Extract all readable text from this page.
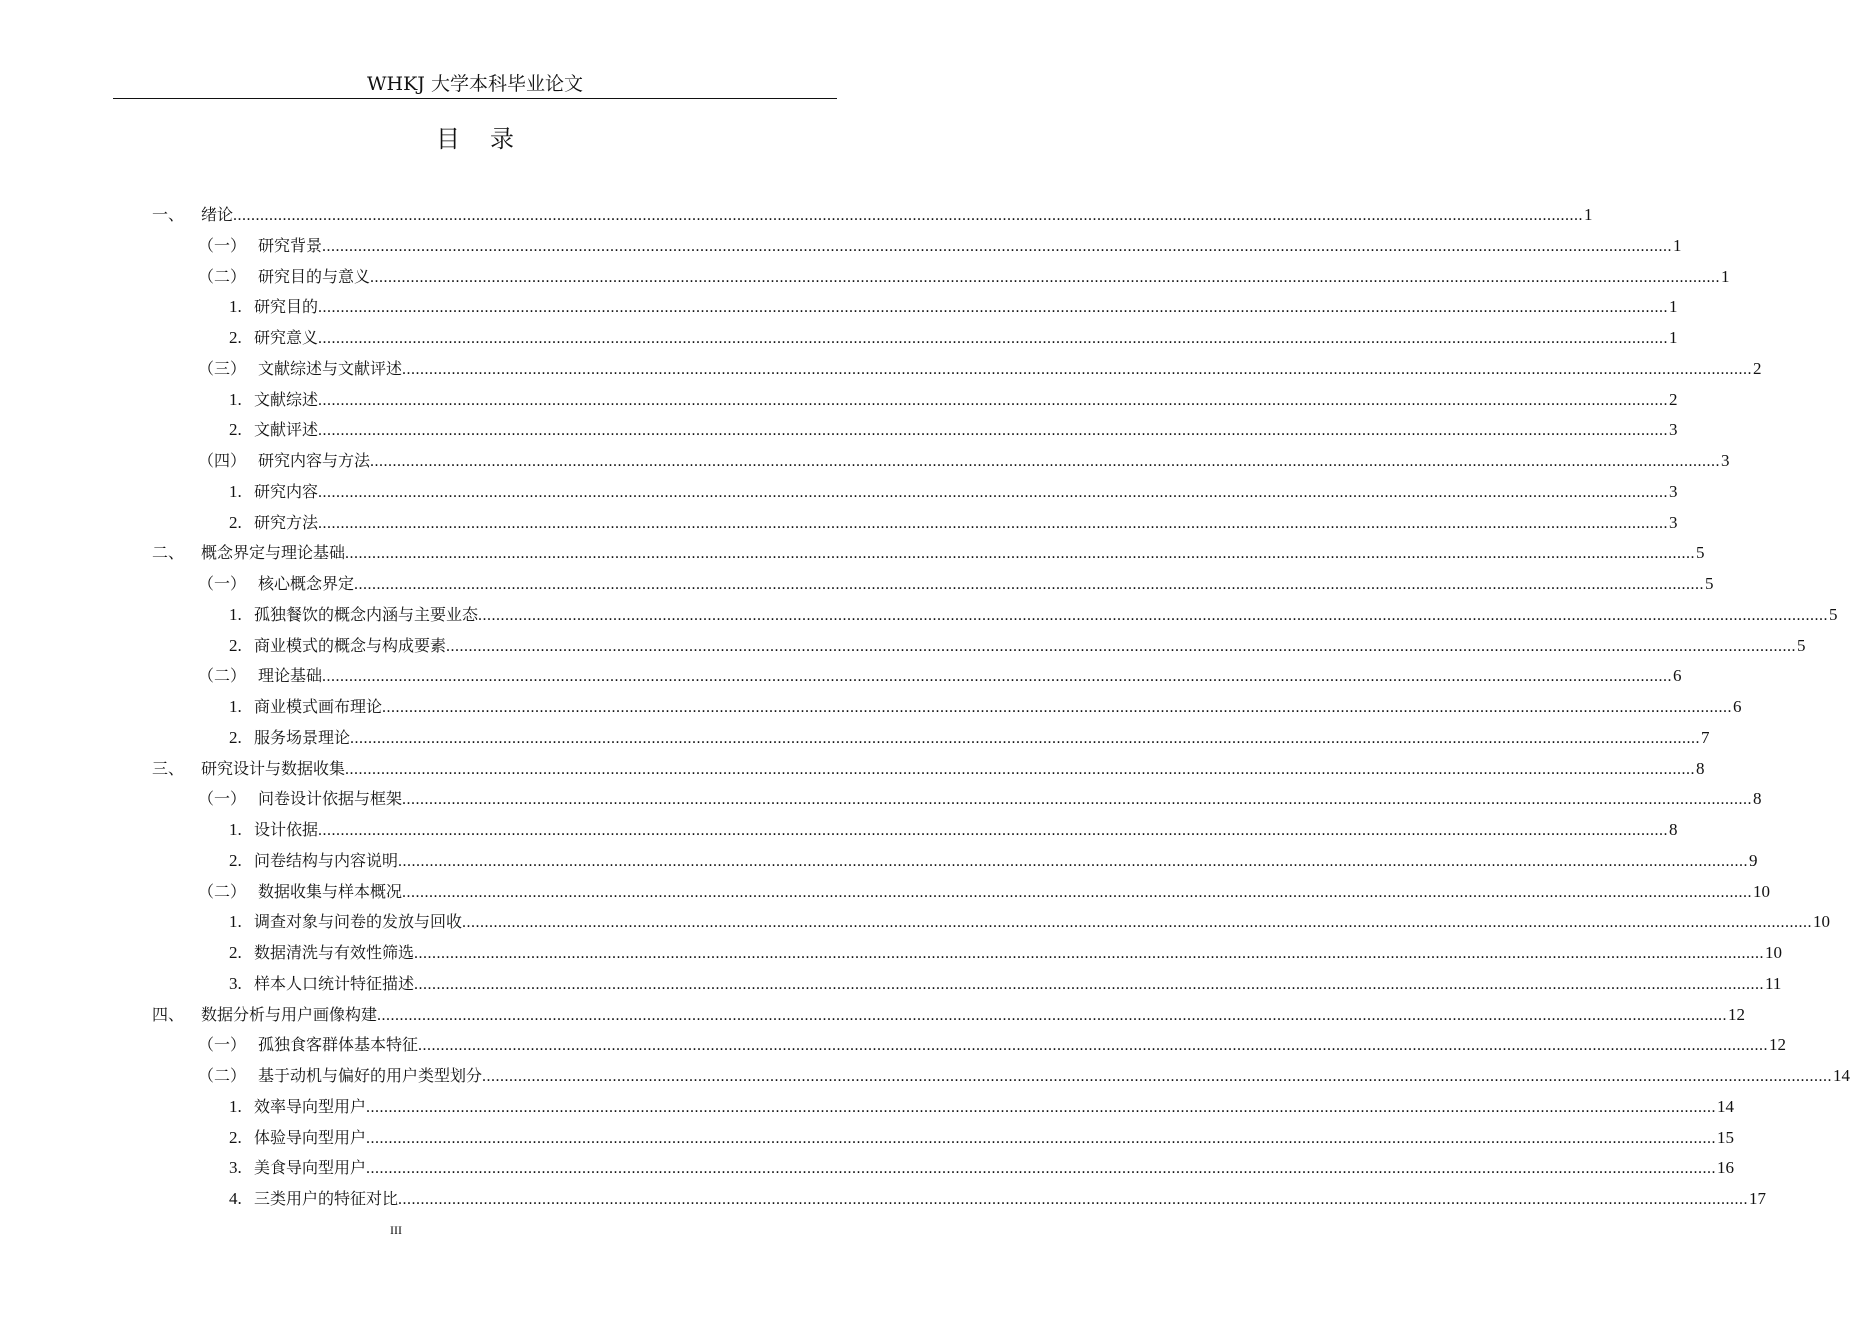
WHKJ 大学本科毕业论文
目录
一、 绪论 ............................................................................................................................................................................................................................................................................................................ 1
（一） 研究背景 ............................................................................................................................................................................................................................................................................................................ 1
（二） 研究目的与意义 ............................................................................................................................................................................................................................................................................................................ 1
1. 研究目的 ............................................................................................................................................................................................................................................................................................................ 1
2. 研究意义 ............................................................................................................................................................................................................................................................................................................ 1
（三） 文献综述与文献评述 ............................................................................................................................................................................................................................................................................................................ 2
1. 文献综述 ............................................................................................................................................................................................................................................................................................................ 2
2. 文献评述 ............................................................................................................................................................................................................................................................................................................ 3
（四） 研究内容与方法 ............................................................................................................................................................................................................................................................................................................ 3
1. 研究内容 ............................................................................................................................................................................................................................................................................................................ 3
2. 研究方法 ............................................................................................................................................................................................................................................................................................................ 3
二、 概念界定与理论基础 ............................................................................................................................................................................................................................................................................................................ 5
（一） 核心概念界定 ............................................................................................................................................................................................................................................................................................................ 5
1. 孤独餐饮的概念内涵与主要业态 ............................................................................................................................................................................................................................................................................................................ 5
2. 商业模式的概念与构成要素 ............................................................................................................................................................................................................................................................................................................ 5
（二） 理论基础 ............................................................................................................................................................................................................................................................................................................ 6
1. 商业模式画布理论 ............................................................................................................................................................................................................................................................................................................ 6
2. 服务场景理论 ............................................................................................................................................................................................................................................................................................................ 7
三、 研究设计与数据收集 ............................................................................................................................................................................................................................................................................................................ 8
（一） 问卷设计依据与框架 ............................................................................................................................................................................................................................................................................................................ 8
1. 设计依据 ............................................................................................................................................................................................................................................................................................................ 8
2. 问卷结构与内容说明 ............................................................................................................................................................................................................................................................................................................ 9
（二） 数据收集与样本概况 ............................................................................................................................................................................................................................................................................................................ 10
1. 调查对象与问卷的发放与回收 ............................................................................................................................................................................................................................................................................................................ 10
2. 数据清洗与有效性筛选 ............................................................................................................................................................................................................................................................................................................ 10
3. 样本人口统计特征描述 ............................................................................................................................................................................................................................................................................................................ 11
四、 数据分析与用户画像构建 ............................................................................................................................................................................................................................................................................................................ 12
（一） 孤独食客群体基本特征 ............................................................................................................................................................................................................................................................................................................ 12
（二） 基于动机与偏好的用户类型划分 ............................................................................................................................................................................................................................................................................................................ 14
1. 效率导向型用户 ............................................................................................................................................................................................................................................................................................................ 14
2. 体验导向型用户 ............................................................................................................................................................................................................................................................................................................ 15
3. 美食导向型用户 ............................................................................................................................................................................................................................................................................................................ 16
4. 三类用户的特征对比 ............................................................................................................................................................................................................................................................................................................ 17
III
